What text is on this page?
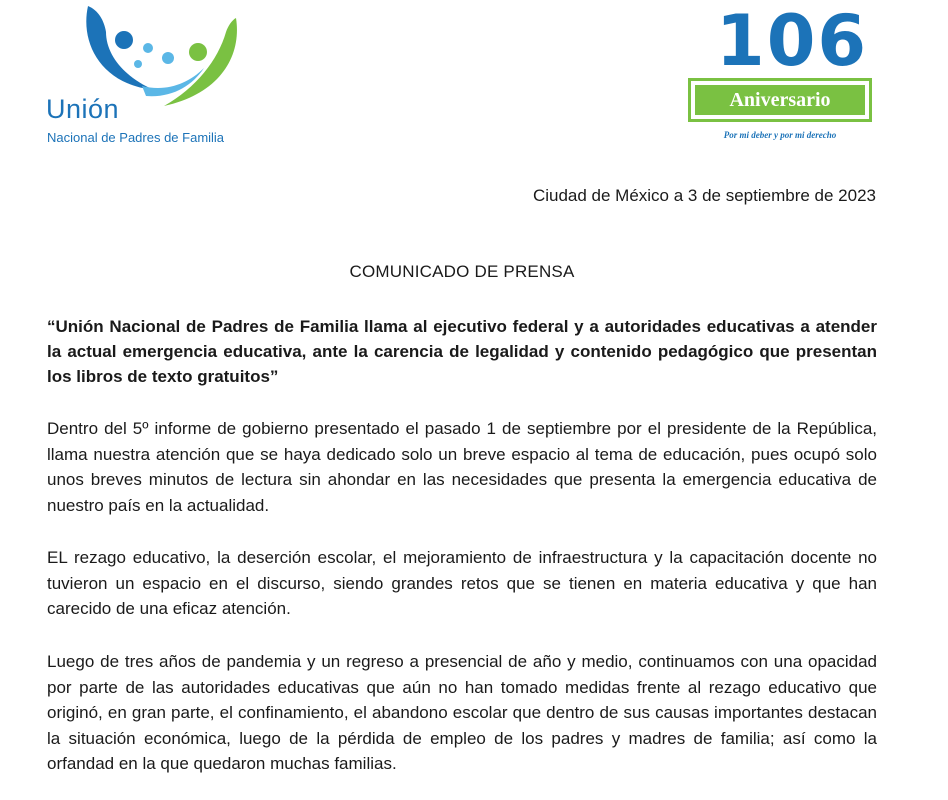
Unión
Nacional de Padres de Familia
106
Aniversario
Por mi deber y por mi derecho
Ciudad de México a 3 de septiembre de 2023
COMUNICADO DE PRENSA

“Unión Nacional de Padres de Familia llama al ejecutivo federal y a autoridades educativas a atender la actual emergencia educativa, ante la carencia de legalidad y contenido pedagógico que presentan los libros de texto gratuitos”

Dentro del 5º informe de gobierno presentado el pasado 1 de septiembre por el presidente de la República, llama nuestra atención que se haya dedicado solo un breve espacio al tema de educación, pues ocupó solo unos breves minutos de lectura sin ahondar en las necesidades que presenta la emergencia educativa de nuestro país en la actualidad.

EL rezago educativo, la deserción escolar, el mejoramiento de infraestructura y la capacitación docente no tuvieron un espacio en el discurso, siendo grandes retos que se tienen en materia educativa y que han carecido de una eficaz atención.

Luego de tres años de pandemia y un regreso a presencial de año y medio, continuamos con una opacidad por parte de las autoridades educativas que aún no han tomado medidas frente al rezago educativo que originó, en gran parte, el confinamiento, el abandono escolar que dentro de sus causas importantes destacan la situación económica, luego de la pérdida de empleo de los padres y madres de familia; así como la orfandad en la que quedaron muchas familias.
